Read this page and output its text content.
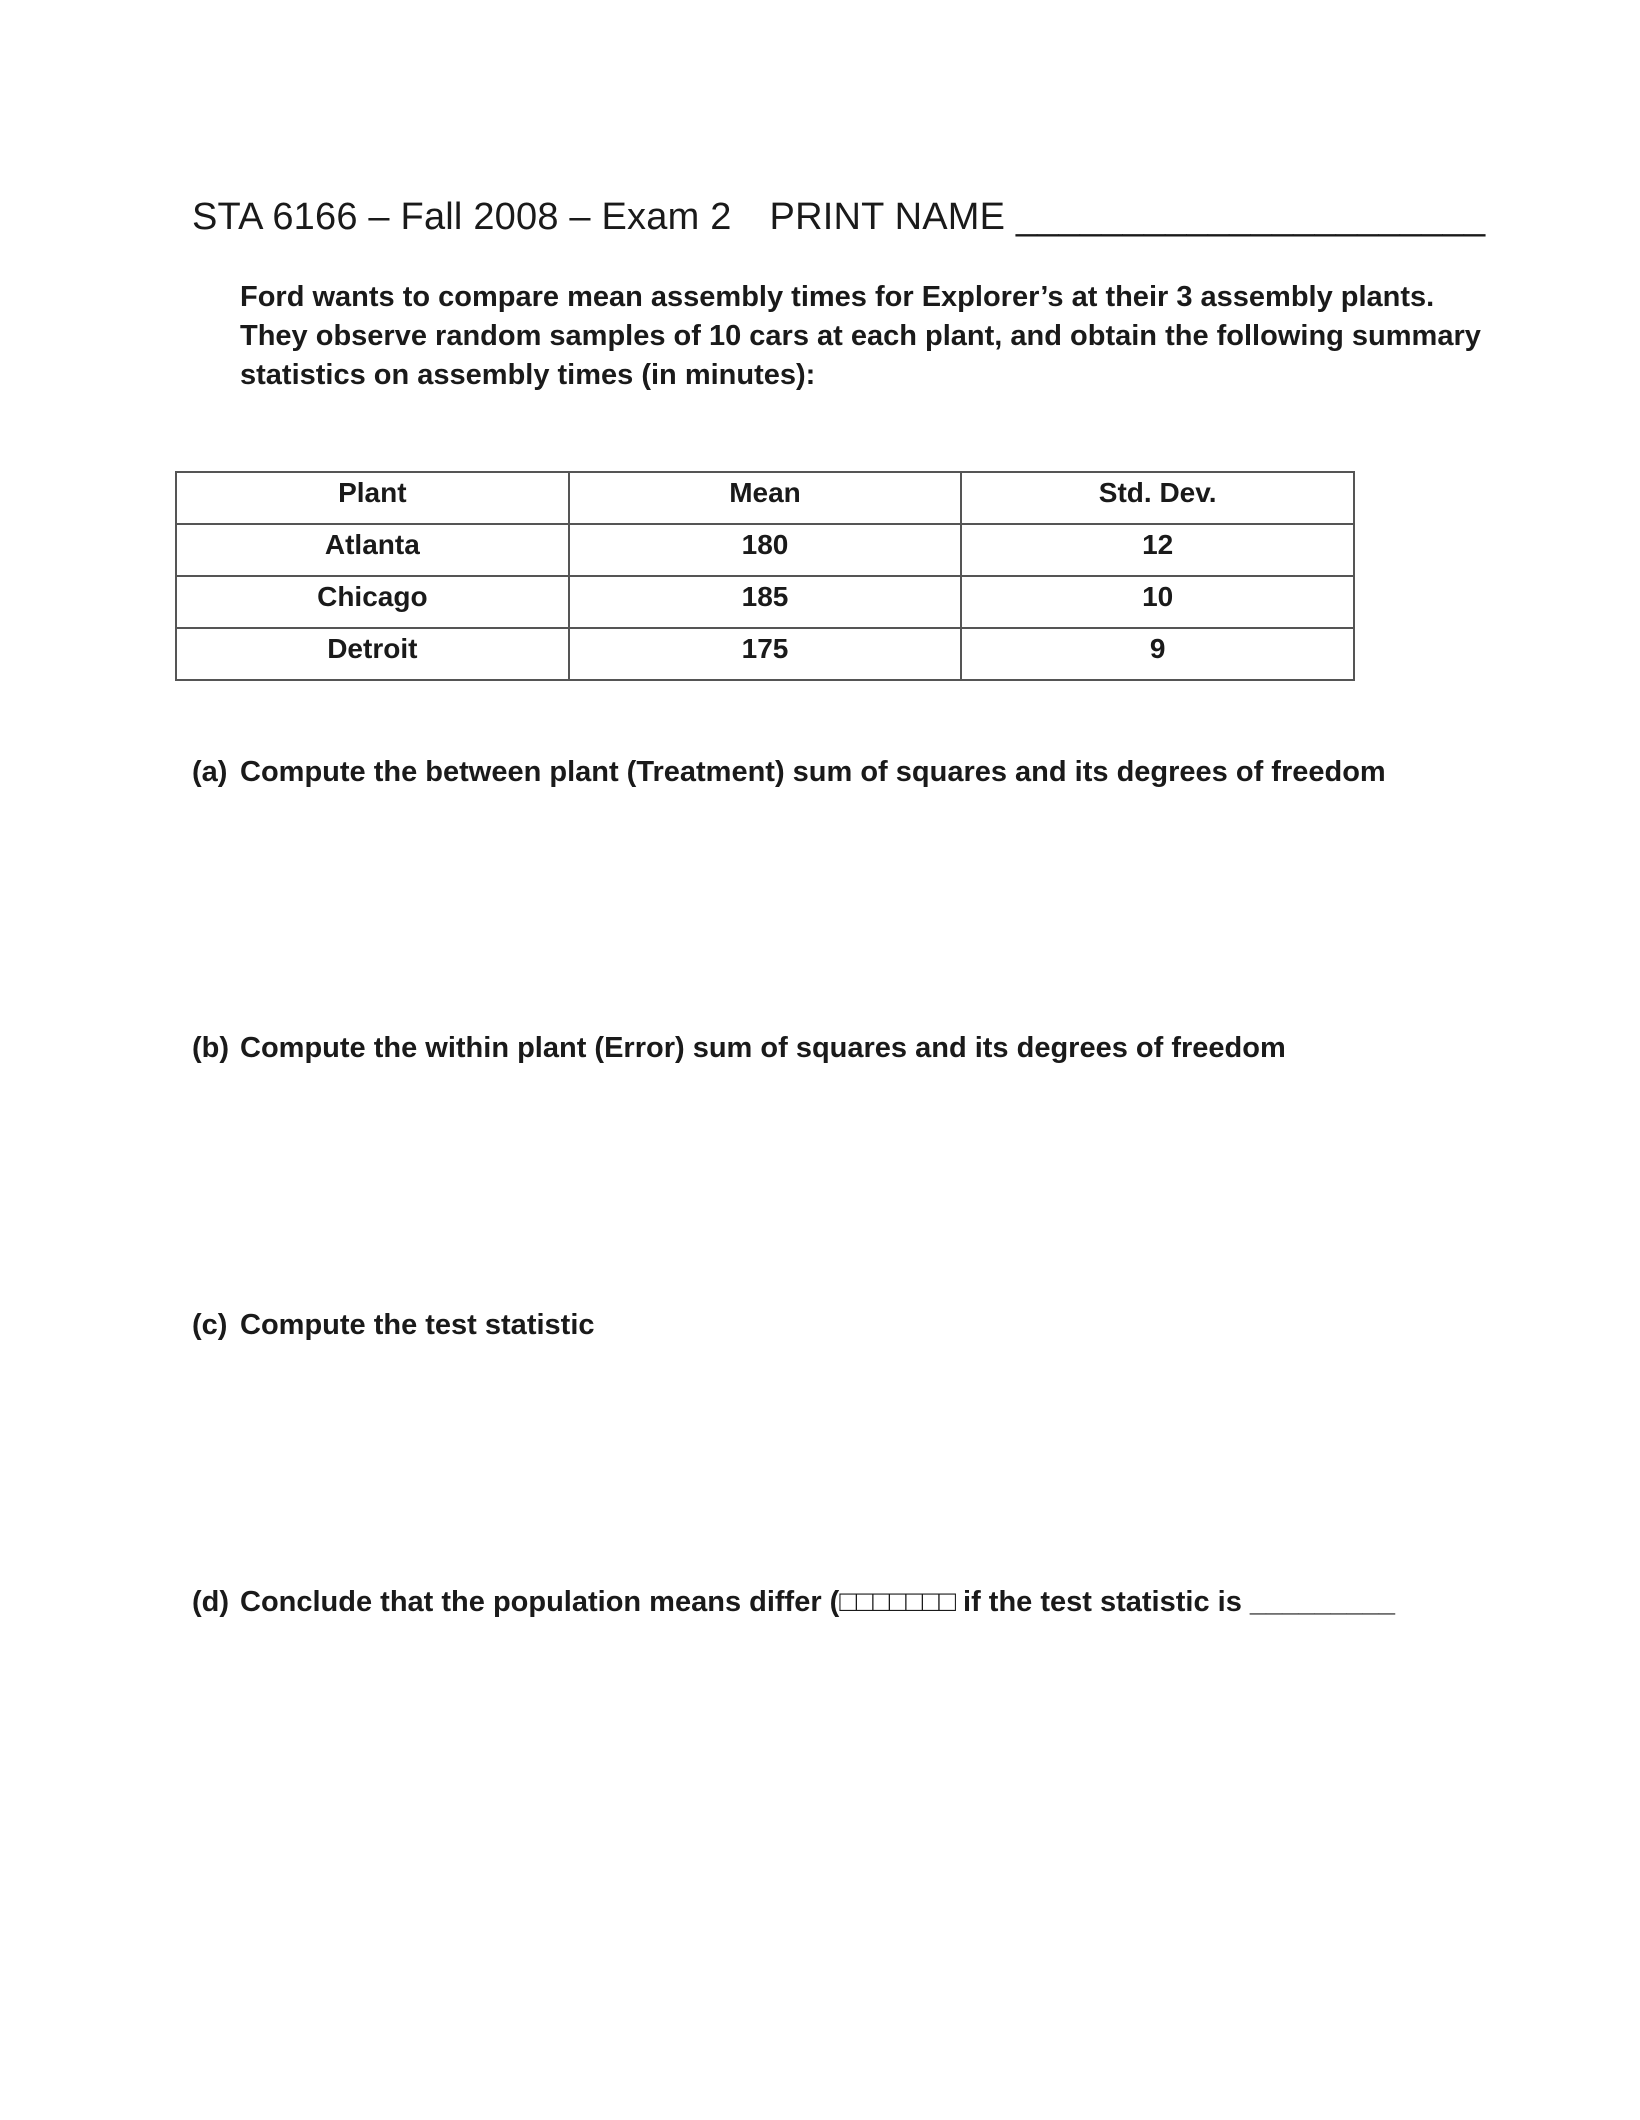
STA 6166 – Fall 2008 – Exam 2 PRINT NAME ______________________
Ford wants to compare mean assembly times for Explorer’s at their 3 assembly plants.
They observe random samples of 10 cars at each plant, and obtain the following summary
statistics on assembly times (in minutes):
Plant	Mean	Std. Dev.
Atlanta	180	12
Chicago	185	10
Detroit	175	9
(a) Compute the between plant (Treatment) sum of squares and its degrees of freedom
(b) Compute the within plant (Error) sum of squares and its degrees of freedom
(c) Compute the test statistic
(d) Conclude that the population means differ (□□□□□□□ if the test statistic is _________
